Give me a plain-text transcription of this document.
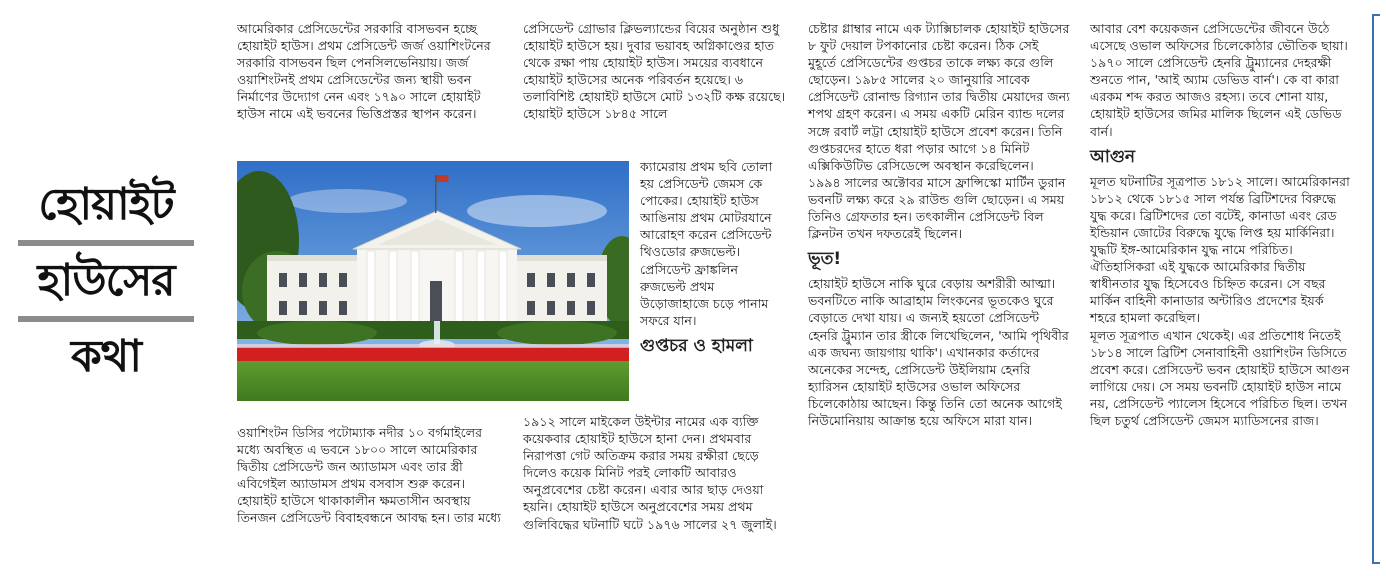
হোয়াইট
হাউসের
কথা

আমেরিকার প্রেসিডেন্টের সরকারি বাসভবন হচ্ছে হোয়াইট হাউস। প্রথম প্রেসিডেন্ট জর্জ ওয়াশিংটনের সরকারি বাসভবন ছিল পেনসিলভেনিয়ায়। জর্জ ওয়াশিংটনই প্রথম প্রেসিডেন্টের জন্য স্থায়ী ভবন নির্মাণের উদ্যোগ নেন এবং ১৭৯০ সালে হোয়াইট হাউস নামে এই ভবনের ভিত্তিপ্রস্তর স্থাপন করেন।

ওয়াশিংটন ডিসির পটোম্যাক নদীর ১০ বর্গমাইলের মধ্যে অবস্থিত এ ভবনে ১৮০০ সালে আমেরিকার দ্বিতীয় প্রেসিডেন্ট জন অ্যাডামস এবং তার স্ত্রী এবিগেইল অ্যাডামস প্রথম বসবাস শুরু করেন। হোয়াইট হাউসে থাকাকালীন ক্ষমতাসীন অবস্থায় তিনজন প্রেসিডেন্ট বিবাহবন্ধনে আবদ্ধ হন। তার মধ্যে

প্রেসিডেন্ট গ্রোভার ক্লিভল্যান্ডের বিয়ের অনুষ্ঠান শুধু হোয়াইট হাউসে হয়। দুবার ভয়াবহ অগ্নিকাণ্ডের হাত থেকে রক্ষা পায় হোয়াইট হাউস। সময়ের ব্যবধানে হোয়াইট হাউসের অনেক পরিবর্তন হয়েছে। ৬ তলাবিশিষ্ট হোয়াইট হাউসে মোট ১৩২টি কক্ষ রয়েছে। হোয়াইট হাউসে ১৮৪৫ সালে

ক্যামেরায় প্রথম ছবি তোলা হয় প্রেসিডেন্ট জেমস কে পোকের। হোয়াইট হাউস আঙিনায় প্রথম মোটরযানে আরোহণ করেন প্রেসিডেন্ট থিওডোর রুজভেল্ট। প্রেসিডেন্ট ফ্রাঙ্কলিন রুজভেল্ট প্রথম উড়োজাহাজে চড়ে পানাম সফরে যান।

গুপ্তচর ও হামলা

১৯১২ সালে মাইকেল উইন্টার নামের এক ব্যক্তি কয়েকবার হোয়াইট হাউসে হানা দেন। প্রথমবার নিরাপত্তা গেট অতিক্রম করার সময় রক্ষীরা ছেড়ে দিলেও কয়েক মিনিট পরই লোকটি আবারও অনুপ্রবেশের চেষ্টা করেন। এবার আর ছাড় দেওয়া হয়নি। হোয়াইট হাউসে অনুপ্রবেশের সময় প্রথম গুলিবিদ্ধের ঘটনাটি ঘটে ১৯৭৬ সালের ২৭ জুলাই।

চেষ্টার গ্লাম্বার নামে এক ট্যাক্সিচালক হোয়াইট হাউসের ৮ ফুট দেয়াল টপকানোর চেষ্টা করেন। ঠিক সেই মুহূর্তে প্রেসিডেন্টের গুপ্তচর তাকে লক্ষ্য করে গুলি ছোড়েন। ১৯৮৫ সালের ২০ জানুয়ারি সাবেক প্রেসিডেন্ট রোনাল্ড রিগ্যান তার দ্বিতীয় মেয়াদের জন্য শপথ গ্রহণ করেন। এ সময় একটি মেরিন ব্যান্ড দলের সঙ্গে রবার্ট লট্টা হোয়াইট হাউসে প্রবেশ করেন। তিনি গুপ্তচরদের হাতে ধরা পড়ার আগে ১৪ মিনিট এক্সিকিউটিভ রেসিডেন্সে অবস্থান করেছিলেন। ১৯৯৪ সালের অক্টোবর মাসে ফ্রান্সিস্কো মার্টিন ডুরান ভবনটি লক্ষ্য করে ২৯ রাউন্ড গুলি ছোড়েন। এ সময় তিনিও গ্রেফতার হন। তৎকালীন প্রেসিডেন্ট বিল ক্লিনটন তখন দফতরেই ছিলেন।

ভূত!

হোয়াইট হাউসে নাকি ঘুরে বেড়ায় অশরীরী আত্মা। ভবনটিতে নাকি আব্রাহাম লিংকনের ভূতকেও ঘুরে বেড়াতে দেখা যায়। এ জন্যই হয়তো প্রেসিডেন্ট হেনরি ট্রুম্যান তার স্ত্রীকে লিখেছিলেন, 'আমি পৃথিবীর এক জঘন্য জায়গায় থাকি'। এখানকার কর্তাদের অনেকের সন্দেহ, প্রেসিডেন্ট উইলিয়াম হেনরি হ্যারিসন হোয়াইট হাউসের ওভাল অফিসের চিলেকোঠায় আছেন। কিন্তু তিনি তো অনেক আগেই নিউমোনিয়ায় আক্রান্ত হয়ে অফিসে মারা যান।

আবার বেশ কয়েকজন প্রেসিডেন্টের জীবনে উঠে এসেছে ওভাল অফিসের চিলেকোঠার ভৌতিক ছায়া। ১৯৭০ সালে প্রেসিডেন্ট হেনরি ট্রুম্যানের দেহরক্ষী শুনতে পান, 'আই অ্যাম ডেভিড বার্ন'। কে বা কারা এরকম শব্দ করত আজও রহস্য। তবে শোনা যায়, হোয়াইট হাউসের জমির মালিক ছিলেন এই ডেভিড বার্ন।

আগুন

মূলত ঘটনাটির সূত্রপাত ১৮১২ সালে। আমেরিকানরা ১৮১২ থেকে ১৮১৫ সাল পর্যন্ত ব্রিটিশদের বিরুদ্ধে যুদ্ধ করে। ব্রিটিশদের তো বটেই, কানাডা এবং রেড ইন্ডিয়ান জোটের বিরুদ্ধে যুদ্ধে লিপ্ত হয় মার্কিনিরা। যুদ্ধটি ইঙ্গ-আমেরিকান যুদ্ধ নামে পরিচিত। ঐতিহাসিকরা এই যুদ্ধকে আমেরিকার দ্বিতীয় স্বাধীনতার যুদ্ধ হিসেবেও চিহ্নিত করেন। সে বছর মার্কিন বাহিনী কানাডার অন্টারিও প্রদেশের ইয়র্ক শহরে হামলা করেছিল।

মূলত সূত্রপাত এখান থেকেই। এর প্রতিশোধ নিতেই ১৮১৪ সালে ব্রিটিশ সেনাবাহিনী ওয়াশিংটন ডিসিতে প্রবেশ করে। প্রেসিডেন্ট ভবন হোয়াইট হাউসে আগুন লাগিয়ে দেয়। সে সময় ভবনটি হোয়াইট হাউস নামে নয়, প্রেসিডেন্ট প্যালেস হিসেবে পরিচিত ছিল। তখন ছিল চতুর্থ প্রেসিডেন্ট জেমস ম্যাডিসনের রাজ।
